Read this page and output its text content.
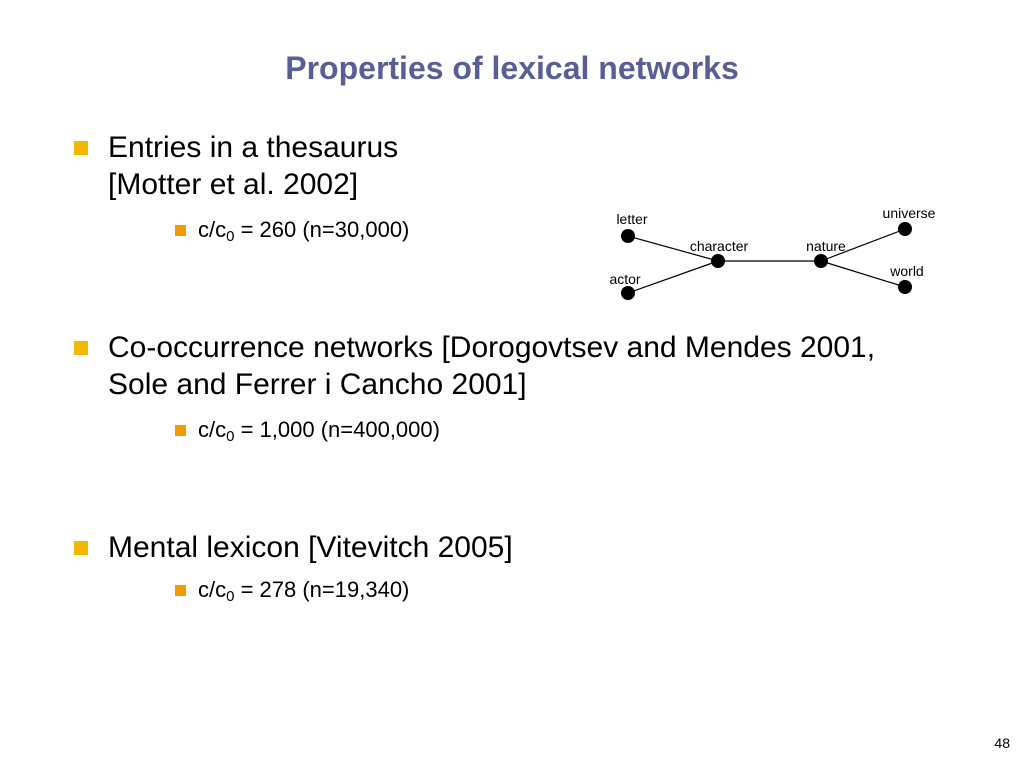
Properties of lexical networks
Entries in a thesaurus
[Motter et al. 2002]
$c/c_0 = 260$ (n=30,000)
Co-occurrence networks [Dorogovtsev and Mendes 2001,
Sole and Ferrer i Cancho 2001]
$c/c_0 = 1,000$ (n=400,000)
Mental lexicon [Vitevitch 2005]
$c/c_0 = 278$ (n=19,340)
letter
actor
character	nature
universe
world
48
